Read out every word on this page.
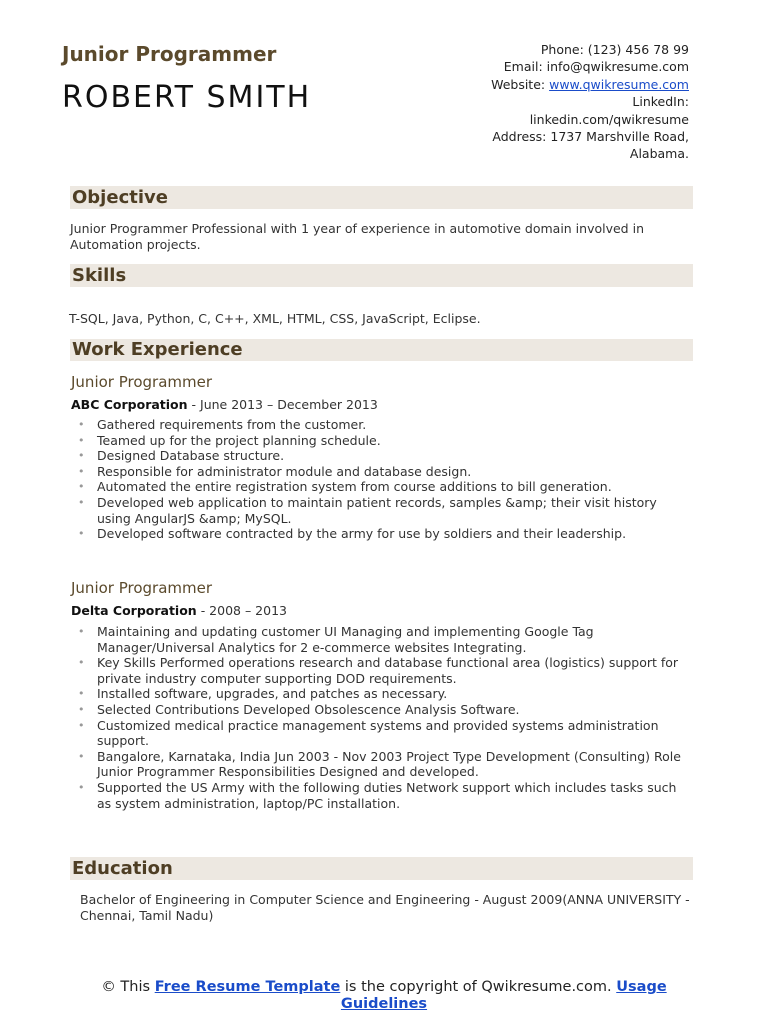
Junior Programmer
ROBERT SMITH
Phone: (123) 456 78 99
Email: info@qwikresume.com
Website: www.qwikresume.com
LinkedIn:
linkedin.com/qwikresume
Address: 1737 Marshville Road,
Alabama.
Objective
Junior Programmer Professional with 1 year of experience in automotive domain involved in Automation projects.
Skills
T-SQL, Java, Python, C, C++, XML, HTML, CSS, JavaScript, Eclipse.
Work Experience
Junior Programmer
ABC Corporation - June 2013 – December 2013
• Gathered requirements from the customer.
• Teamed up for the project planning schedule.
• Designed Database structure.
• Responsible for administrator module and database design.
• Automated the entire registration system from course additions to bill generation.
• Developed web application to maintain patient records, samples &amp; their visit history using AngularJS &amp; MySQL.
• Developed software contracted by the army for use by soldiers and their leadership.
Junior Programmer
Delta Corporation - 2008 – 2013
• Maintaining and updating customer UI Managing and implementing Google Tag Manager/Universal Analytics for 2 e-commerce websites Integrating.
• Key Skills Performed operations research and database functional area (logistics) support for private industry computer supporting DOD requirements.
• Installed software, upgrades, and patches as necessary.
• Selected Contributions Developed Obsolescence Analysis Software.
• Customized medical practice management systems and provided systems administration support.
• Bangalore, Karnataka, India Jun 2003 - Nov 2003 Project Type Development (Consulting) Role Junior Programmer Responsibilities Designed and developed.
• Supported the US Army with the following duties Network support which includes tasks such as system administration, laptop/PC installation.
Education
Bachelor of Engineering in Computer Science and Engineering - August 2009(ANNA UNIVERSITY - Chennai, Tamil Nadu)
© This Free Resume Template is the copyright of Qwikresume.com. Usage Guidelines
